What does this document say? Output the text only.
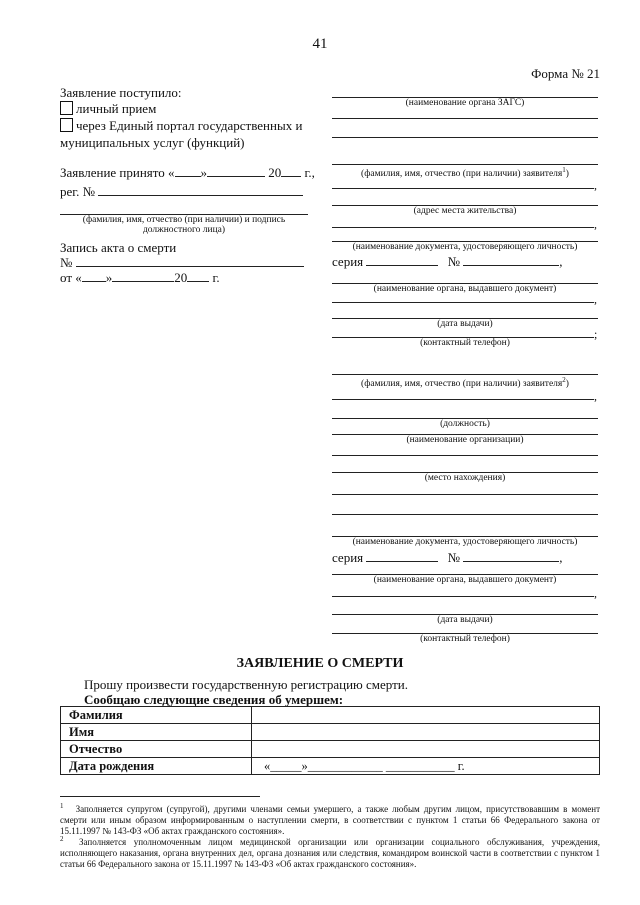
41
Форма № 21
Заявление поступило:
личный прием
через Единый портал государственных и
муниципальных услуг (функций)
Заявление принято « »	20 г.,
рег. №
(фамилия, имя, отчество (при наличии) и подпись
должностного лица)
Запись акта о смерти
№
от « »	20 г.
(наименование органа ЗАГС)
(фамилия, имя, отчество (при наличии) заявителя$^1$)
,
(адрес места жительства)
,
(наименование документа, удостоверяющего личность)
серия	№	,
(наименование органа, выдавшего документ)
,
(дата выдачи)
;
(контактный телефон)
(фамилия, имя, отчество (при наличии) заявителя$^2$)
,
(должность)
(наименование организации)
(место нахождения)
(наименование документа, удостоверяющего личность)
серия	№	,
(наименование органа, выдавшего документ)
,
(дата выдачи)
(контактный телефон)
ЗАЯВЛЕНИЕ О СМЕРТИ
Прошу произвести государственную регистрацию смерти.
Сообщаю следующие сведения об умершем:
Фамилия	
Имя	
Отчество	
Дата рождения	«_____»____________ ___________ г.
$^1$ Заполняется супругом (супругой), другими членами семьи умершего, а также любым другим лицом, присутствовавшим в момент смерти или иным образом информированным о наступлении смерти, в соответствии с пунктом 1 статьи 66 Федерального закона от 15.11.1997 № 143-ФЗ «Об актах гражданского состояния».
$^2$ Заполняется уполномоченным лицом медицинской организации или организации социального обслуживания, учреждения, исполняющего наказания, органа внутренних дел, органа дознания или следствия, командиром воинской части в соответствии с пунктом 1 статьи 66 Федерального закона от 15.11.1997 № 143-ФЗ «Об актах гражданского состояния».
